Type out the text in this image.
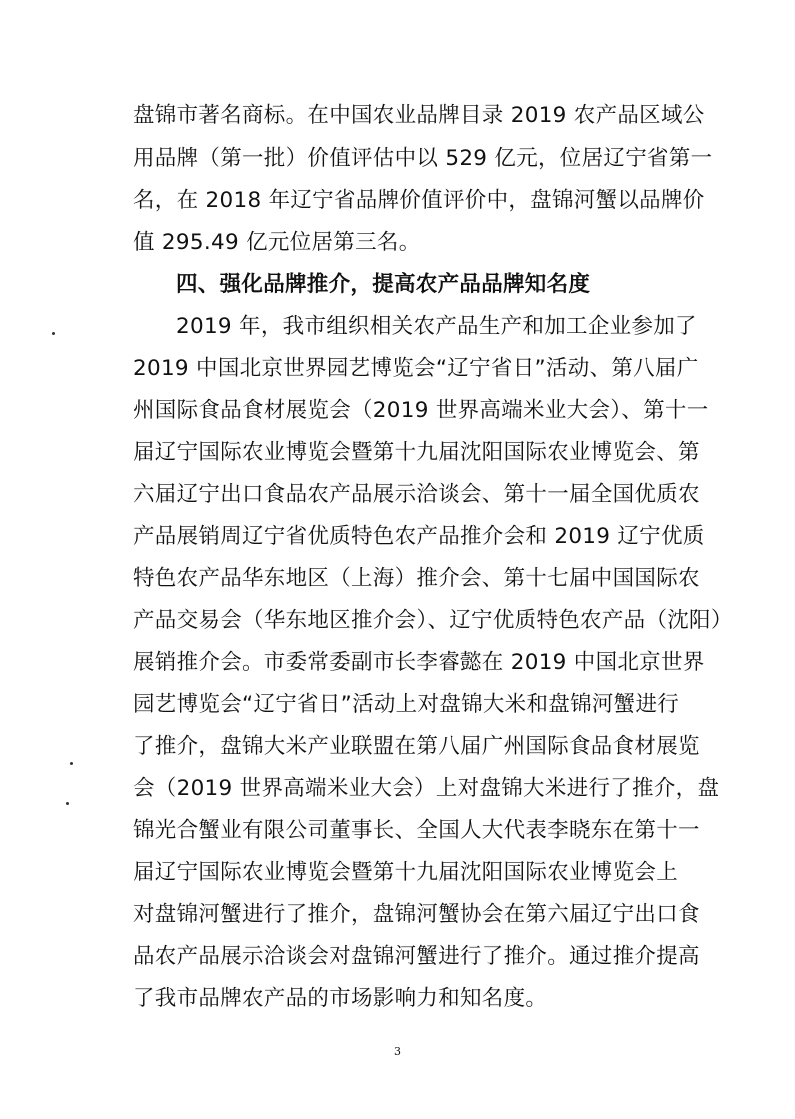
盘锦市著名商标。在中国农业品牌目录 2019 农产品区域公
用品牌（第一批）价值评估中以 529 亿元，位居辽宁省第一
名，在 2018 年辽宁省品牌价值评价中，盘锦河蟹以品牌价
值 295.49 亿元位居第三名。
四、强化品牌推介，提高农产品品牌知名度
2019 年，我市组织相关农产品生产和加工企业参加了
2019 中国北京世界园艺博览会“辽宁省日”活动、第八届广
州国际食品食材展览会（2019 世界高端米业大会）、第十一
届辽宁国际农业博览会暨第十九届沈阳国际农业博览会、第
六届辽宁出口食品农产品展示洽谈会、第十一届全国优质农
产品展销周辽宁省优质特色农产品推介会和 2019 辽宁优质
特色农产品华东地区（上海）推介会、第十七届中国国际农
产品交易会（华东地区推介会）、辽宁优质特色农产品（沈阳）
展销推介会。市委常委副市长李睿懿在 2019 中国北京世界
园艺博览会“辽宁省日”活动上对盘锦大米和盘锦河蟹进行
了推介，盘锦大米产业联盟在第八届广州国际食品食材展览
会（2019 世界高端米业大会）上对盘锦大米进行了推介，盘
锦光合蟹业有限公司董事长、全国人大代表李晓东在第十一
届辽宁国际农业博览会暨第十九届沈阳国际农业博览会上
对盘锦河蟹进行了推介，盘锦河蟹协会在第六届辽宁出口食
品农产品展示洽谈会对盘锦河蟹进行了推介。通过推介提高
了我市品牌农产品的市场影响力和知名度。
3
